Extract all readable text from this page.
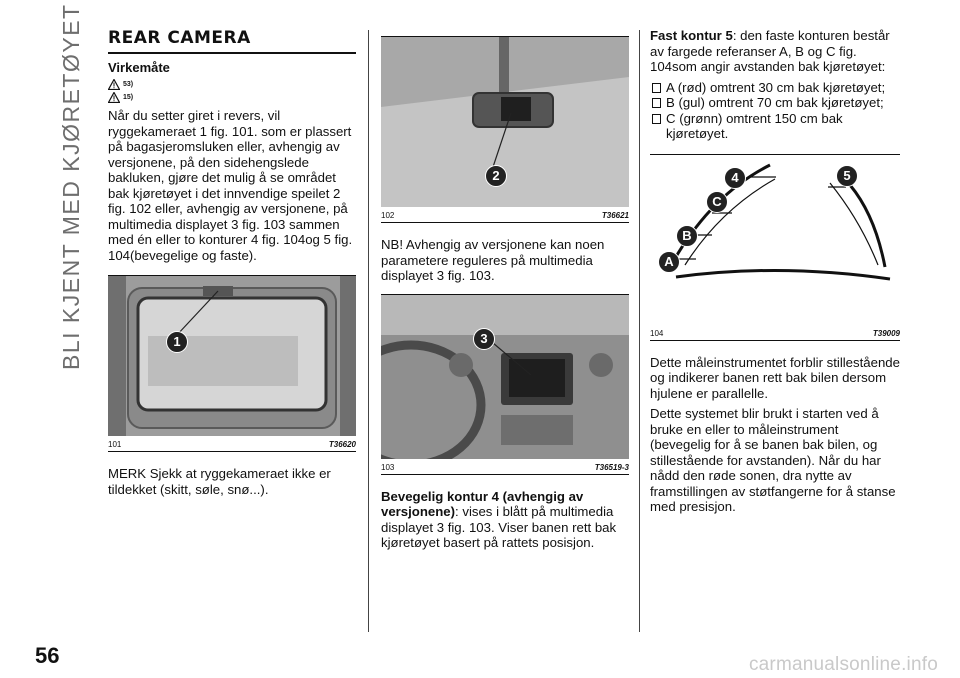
BLI KJENT MED KJØRETØYET
56
REAR CAMERA
Virkemåte
53)
15)

Når du setter giret i revers, vil ryggekameraet 1 fig. 101. som er plassert på bagasjeromsluken eller, avhengig av versjonene, på den sidehengslede bakluken, gjøre det mulig å se området bak kjøretøyet i det innvendige speilet 2 fig. 102 eller, avhengig av versjonene, på multimedia displayet 3 fig. 103 sammen med én eller to konturer 4 fig. 104og 5 fig. 104(bevegelige og faste).

1
101	T36620

MERK Sjekk at ryggekameraet ikke er tildekket (skitt, søle, snø...).

2
102	T36621

NB! Avhengig av versjonene kan noen parametere reguleres på multimedia displayet 3 fig. 103.

3
103	T36519-3

Bevegelig kontur 4 (avhengig av versjonene): vises i blått på multimedia displayet 3 fig. 103. Viser banen rett bak kjøretøyet basert på rattets posisjon.

Fast kontur 5: den faste konturen består av fargede referanser A, B og C fig. 104som angir avstanden bak kjøretøyet:

A (rød) omtrent 30 cm bak kjøretøyet;
B (gul) omtrent 70 cm bak kjøretøyet;
C (grønn) omtrent 150 cm bak kjøretøyet.
4	5
C
B
A
104	T39009

Dette måleinstrumentet forblir stillestående og indikerer banen rett bak bilen dersom hjulene er parallelle.

Dette systemet blir brukt i starten ved å bruke en eller to måleinstrument (bevegelig for å se banen bak bilen, og stillestående for avstanden). Når du har nådd den røde sonen, dra nytte av framstillingen av støtfangerne for å stanse med presisjon.

carmanualsonline.info
